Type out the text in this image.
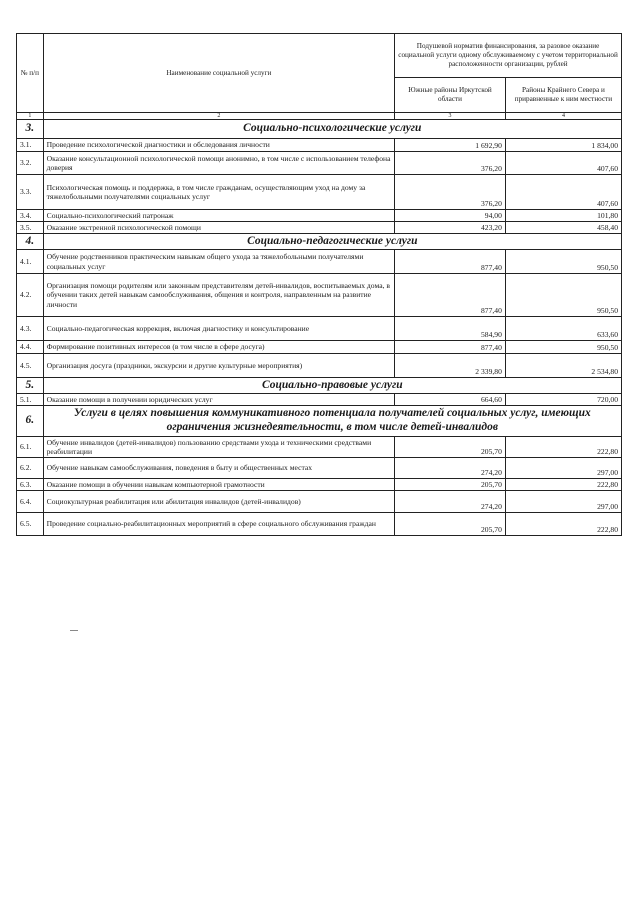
№ п/п	Наименование социальной услуги	Подушевой норматив финансирования, за разовое оказание социальной услуги одному обслуживаемому с учетом территориальной расположенности организации, рублей	
		Южные районы Иркутской области	Районы Крайнего Севера и приравненные к ним местности
1	2	3	4
3.	Социально-психологические услуги		
3.1.	Проведение психологической диагностики и обследования личности	1 692,90	1 834,00
3.2.	Оказание консультационной психологической помощи анонимно, в том числе с использованием телефона доверия	376,20	407,60
3.3.	Психологическая помощь и поддержка, в том числе гражданам, осуществляющим уход на дому за тяжелобольными получателями социальных услуг	376,20	407,60
3.4.	Социально-психологический патронаж	94,00	101,80
3.5.	Оказание экстренной психологической помощи	423,20	458,40
4.	Социально-педагогические услуги		
4.1.	Обучение родственников практическим навыкам общего ухода за тяжелобольными получателями социальных услуг	877,40	950,50
4.2.	Организация помощи родителям или законным представителям детей-инвалидов, воспитываемых дома, в обучении таких детей навыкам самообслуживания, общения и контроля, направленным на развитие личности	877,40	950,50
4.3.	Социально-педагогическая коррекция, включая диагностику и консультирование	584,90	633,60
4.4.	Формирование позитивных интересов (в том числе в сфере досуга)	877,40	950,50
4.5.	Организация досуга (праздники, экскурсии и другие культурные мероприятия)	2 339,80	2 534,80
5.	Социально-правовые услуги		
5.1.	Оказание помощи в получении юридических услуг	664,60	720,00
6.	Услуги в целях повышения коммуникативного потенциала получателей социальных услуг, имеющих ограничения жизнедеятельности, в том числе детей-инвалидов		
6.1.	Обучение инвалидов (детей-инвалидов) пользованию средствами ухода и техническими средствами реабилитации	205,70	222,80
6.2.	Обучение навыкам самообслуживания, поведения в быту и общественных местах	274,20	297,00
6.3.	Оказание помощи в обучении навыкам компьютерной грамотности	205,70	222,80
6.4.	Социокультурная реабилитация или абилитация инвалидов (детей-инвалидов)	274,20	297,00
6.5.	Проведение социально-реабилитационных мероприятий в сфере социального обслуживания граждан	205,70	222,80
